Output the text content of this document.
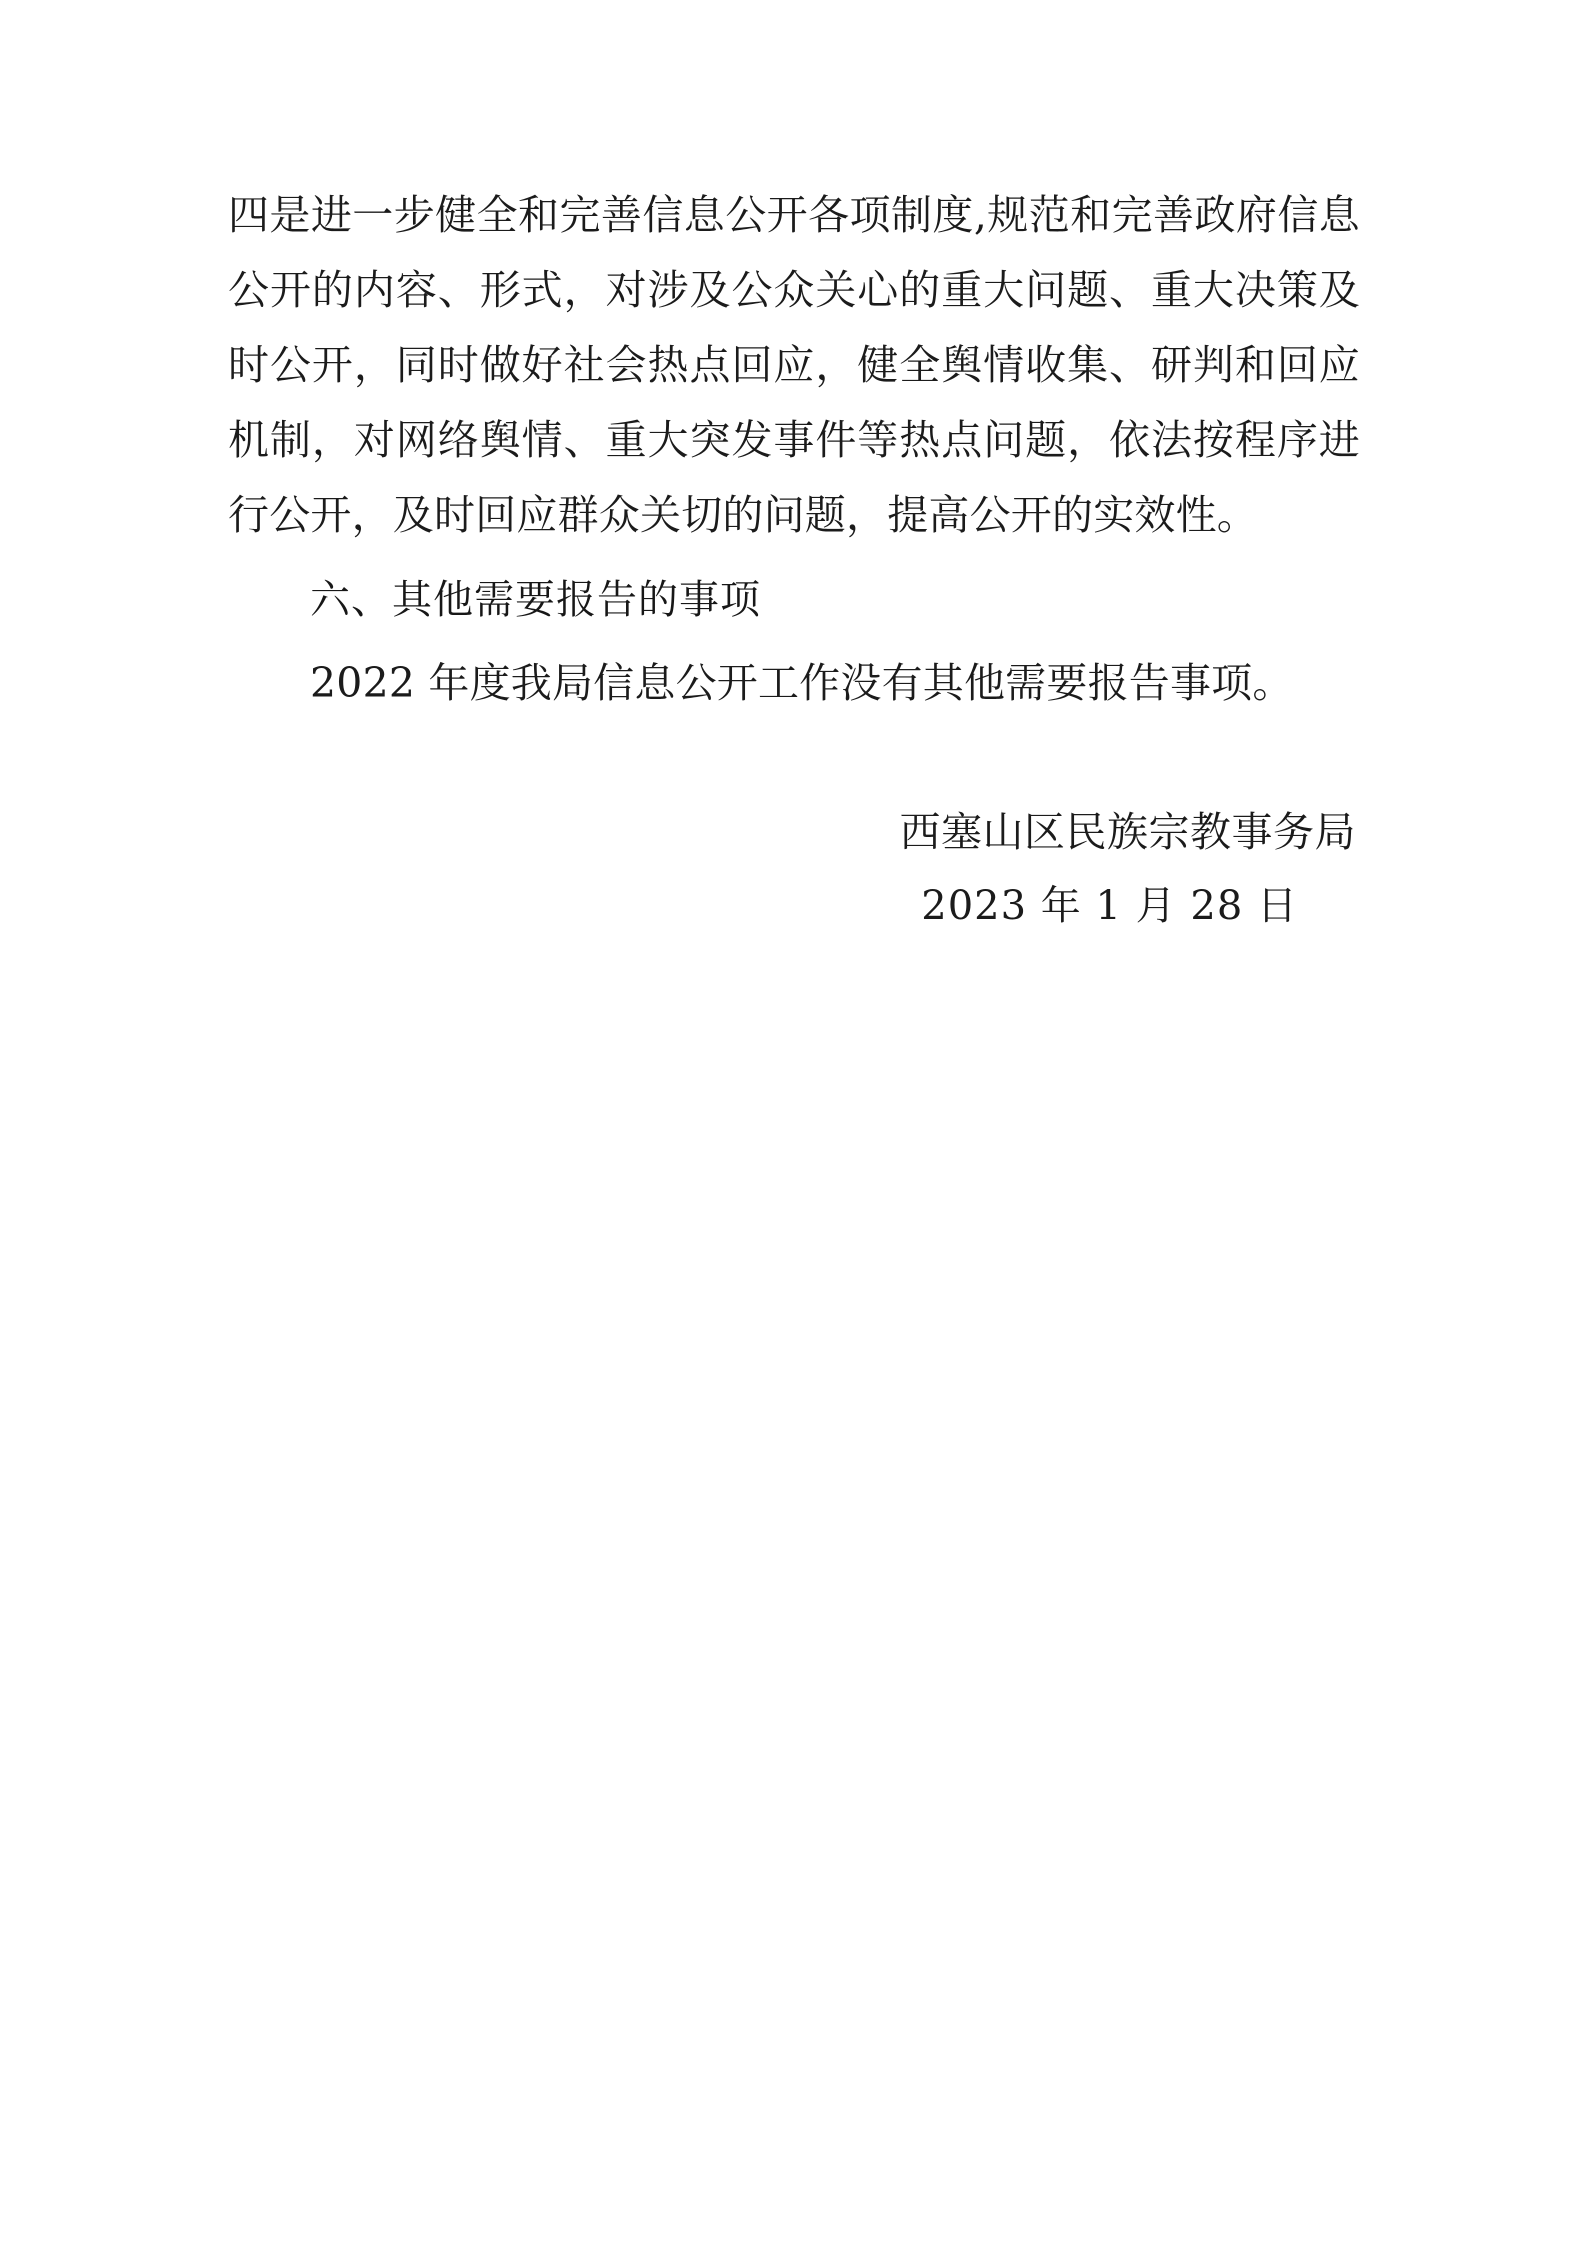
四是进一步健全和完善信息公开各项制度,规范和完善政府信息公开的内容、形式，对涉及公众关心的重大问题、重大决策及时公开，同时做好社会热点回应，健全舆情收集、研判和回应机制，对网络舆情、重大突发事件等热点问题，依法按程序进行公开，及时回应群众关切的问题，提高公开的实效性。

六、其他需要报告的事项

2022 年度我局信息公开工作没有其他需要报告事项。

西塞山区民族宗教事务局

2023 年 1 月 28 日
